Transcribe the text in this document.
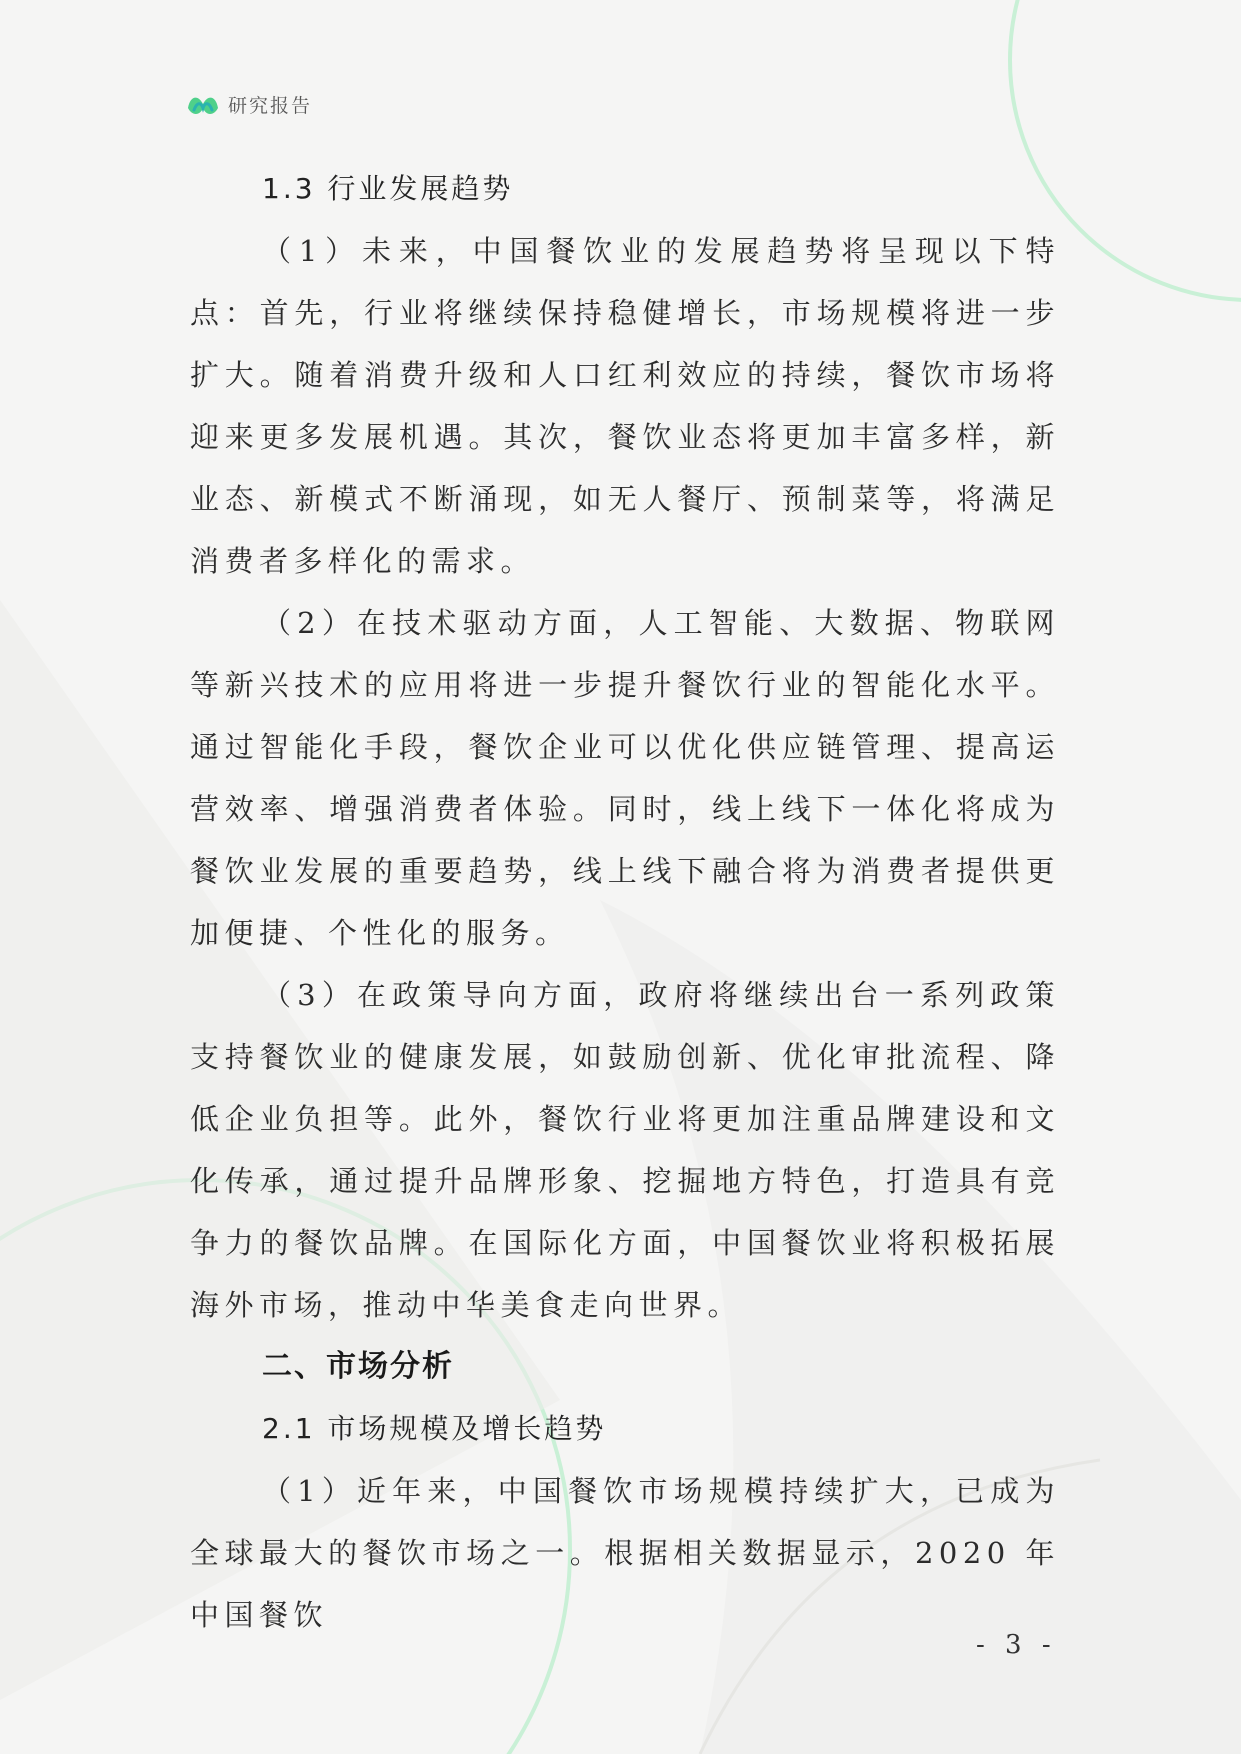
研究报告
1.3 行业发展趋势

（1）未来，中国餐饮业的发展趋势将呈现以下特点：首先，行业将继续保持稳健增长，市场规模将进一步扩大。随着消费升级和人口红利效应的持续，餐饮市场将迎来更多发展机遇。其次，餐饮业态将更加丰富多样，新业态、新模式不断涌现，如无人餐厅、预制菜等，将满足消费者多样化的需求。

（2）在技术驱动方面，人工智能、大数据、物联网等新兴技术的应用将进一步提升餐饮行业的智能化水平。通过智能化手段，餐饮企业可以优化供应链管理、提高运营效率、增强消费者体验。同时，线上线下一体化将成为餐饮业发展的重要趋势，线上线下融合将为消费者提供更加便捷、个性化的服务。

（3）在政策导向方面，政府将继续出台一系列政策支持餐饮业的健康发展，如鼓励创新、优化审批流程、降低企业负担等。此外，餐饮行业将更加注重品牌建设和文化传承，通过提升品牌形象、挖掘地方特色，打造具有竞争力的餐饮品牌。在国际化方面，中国餐饮业将积极拓展海外市场，推动中华美食走向世界。

二、市场分析
2.1 市场规模及增长趋势

（1）近年来，中国餐饮市场规模持续扩大，已成为全球最大的餐饮市场之一。根据相关数据显示，2020 年中国餐饮

- 3 -
